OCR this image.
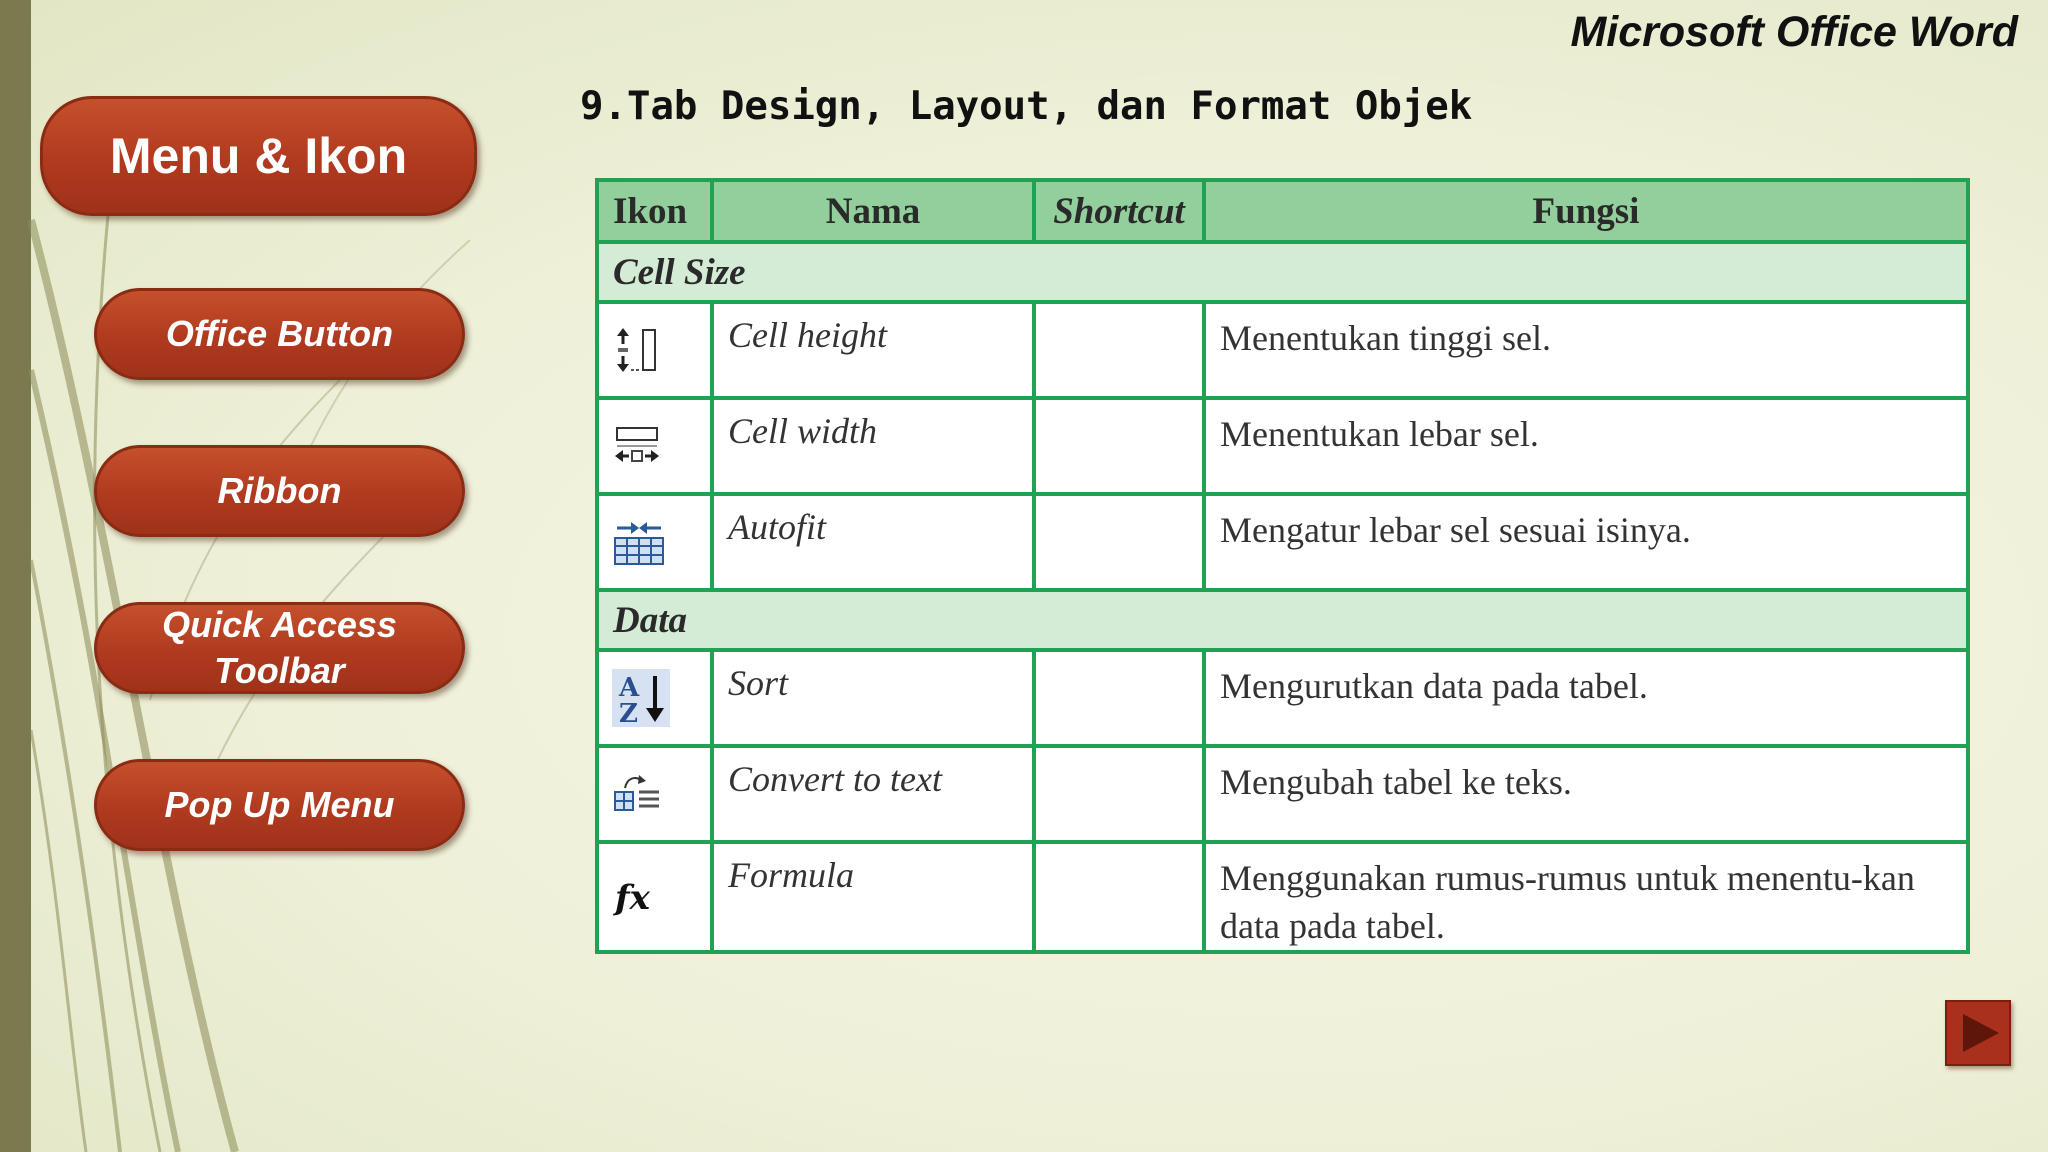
Microsoft Office Word
Menu & Ikon
Office Button
Ribbon
Quick Access Toolbar
Pop Up Menu
9.Tab Design, Layout, dan Format Objek
Ikon	Nama	Shortcut	Fungsi
Cell Size			

	Cell height		Menentukan tinggi sel.

	Cell width		Menentukan lebar sel.

	Autofit		Mengatur lebar sel sesuai isinya.
Data			

A Z	Sort		Mengurutkan data pada tabel.

	Convert to text		Mengubah tabel ke teks.

fx	Formula		Menggunakan rumus-rumus untuk menentu-kan data pada tabel.
